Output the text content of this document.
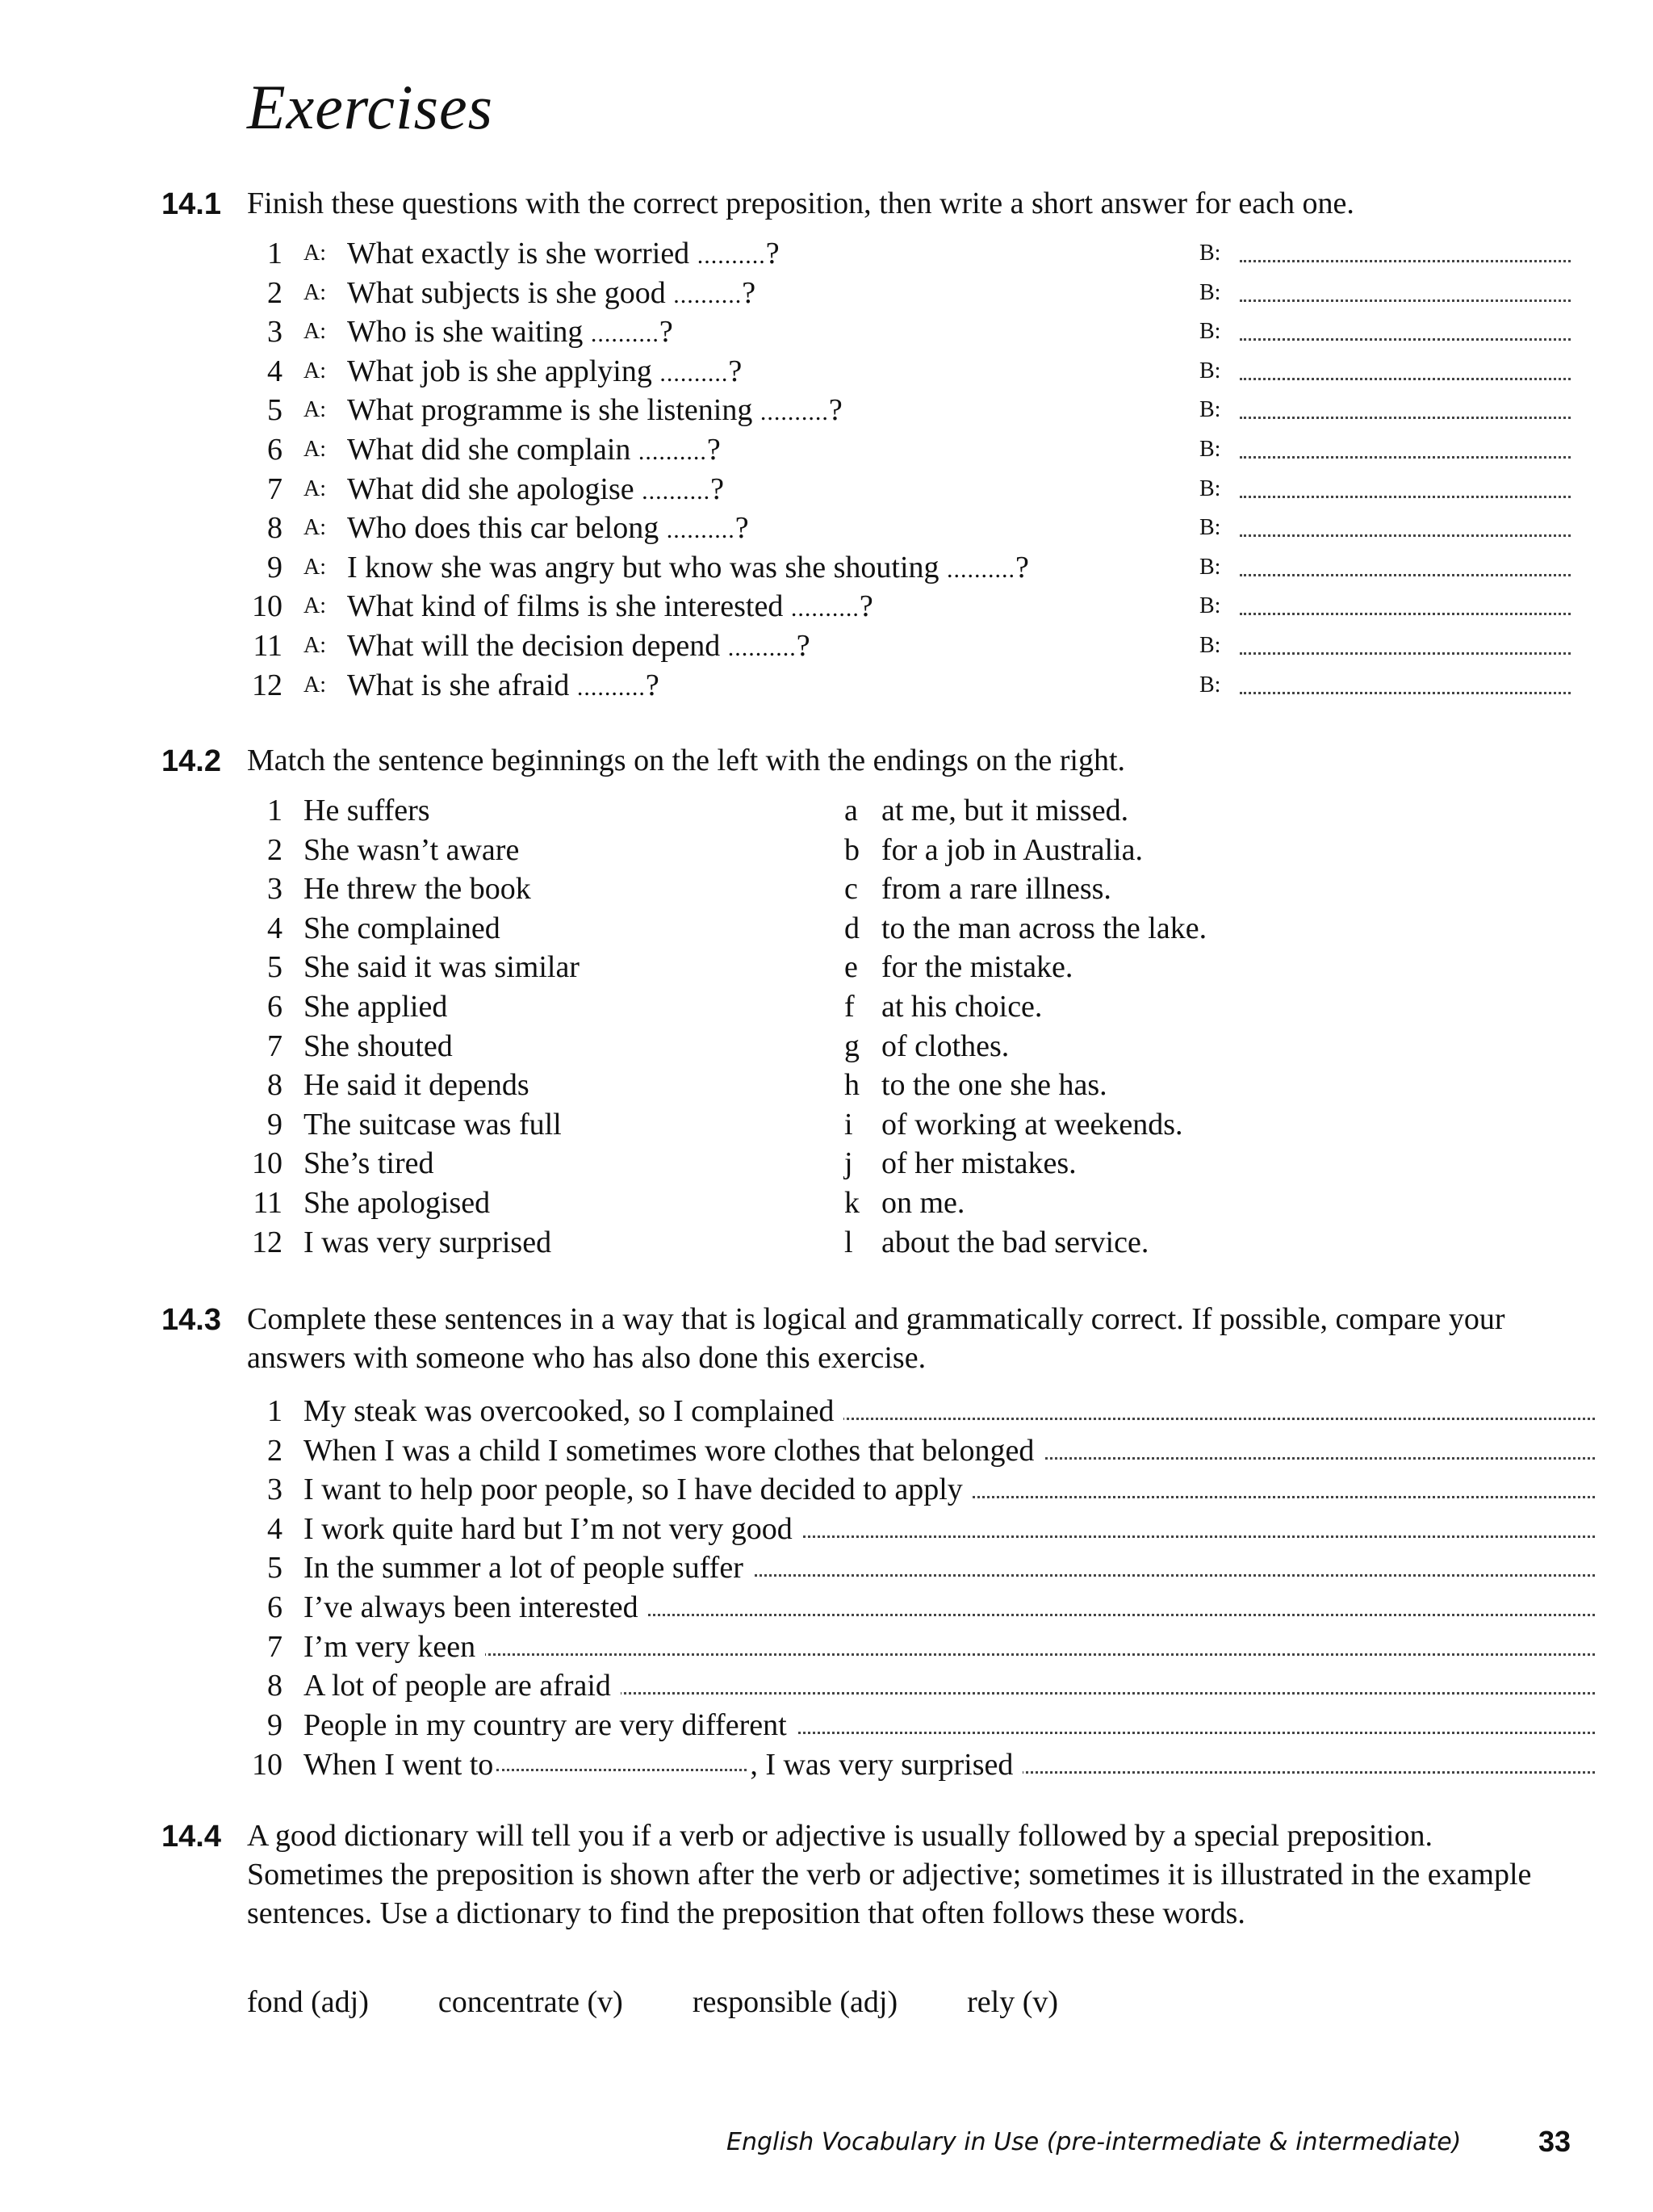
Exercises
14.1 Finish these questions with the correct preposition, then write a short answer for each one.

1 A: What exactly is she worried ..........?	B:
2 A: What subjects is she good ..........?	B:
3 A: Who is she waiting ..........?	B:
4 A: What job is she applying ..........?	B:
5 A: What programme is she listening ..........?	B:
6 A: What did she complain ..........?	B:
7 A: What did she apologise ..........?	B:
8 A: Who does this car belong ..........?	B:
9 A: I know she was angry but who was she shouting ..........?	B:
10 A: What kind of films is she interested ..........?	B:
11 A: What will the decision depend ..........?	B:
12 A: What is she afraid ..........?	B:
14.2 Match the sentence beginnings on the left with the endings on the right.

1 He suffers	a at me, but it missed.
2 She wasn’t aware	b for a job in Australia.
3 He threw the book	c from a rare illness.
4 She complained	d to the man across the lake.
5 She said it was similar	e for the mistake.
6 She applied	f at his choice.
7 She shouted	g of clothes.
8 He said it depends	h to the one she has.
9 The suitcase was full	i of working at weekends.
10 She’s tired	j of her mistakes.
11 She apologised	k on me.
12 I was very surprised	l about the bad service.
14.3 Complete these sentences in a way that is logical and grammatically correct. If possible, compare your answers with someone who has also done this exercise.

1 My steak was overcooked, so I complained
2 When I was a child I sometimes wore clothes that belonged
3 I want to help poor people, so I have decided to apply
4 I work quite hard but I’m not very good
5 In the summer a lot of people suffer
6 I’ve always been interested
7 I’m very keen
8 A lot of people are afraid
9 People in my country are very different
10 When I went to	, I was very surprised
14.4 A good dictionary will tell you if a verb or adjective is usually followed by a special preposition. Sometimes the preposition is shown after the verb or adjective; sometimes it is illustrated in the example sentences. Use a dictionary to find the preposition that often follows these words.

fond (adj) concentrate (v) responsible (adj) rely (v)
English Vocabulary in Use (pre-intermediate & intermediate)	33
